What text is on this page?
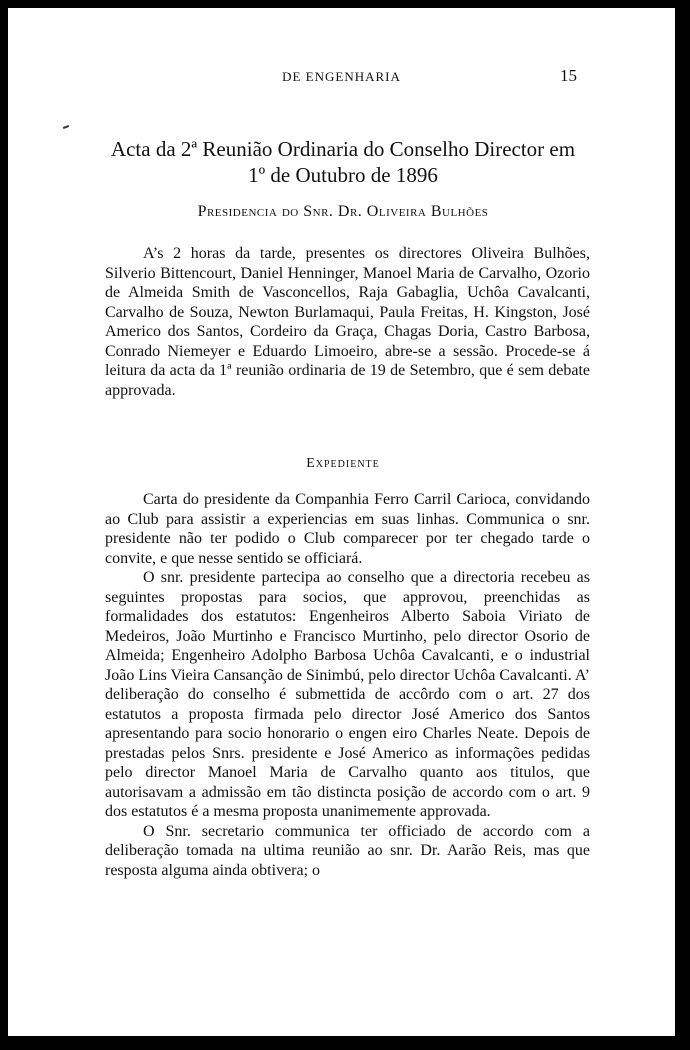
DE ENGENHARIA	15
Acta da 2ª Reunião Ordinaria do Conselho Director em
1º de Outubro de 1896
Presidencia do Snr. Dr. Oliveira Bulhões

A’s 2 horas da tarde, presentes os directores Oliveira Bulhões, Silverio Bittencourt, Daniel Henninger, Manoel Maria de Carvalho, Ozorio de Almeida Smith de Vasconcellos, Raja Gabaglia, Uchôa Cavalcanti, Carvalho de Souza, Newton Burlamaqui, Paula Freitas, H. Kingston, José Americo dos Santos, Cordeiro da Graça, Chagas Doria, Castro Barbosa, Conrado Niemeyer e Eduardo Limoeiro, abre-se a sessão. Procede-se á leitura da acta da 1ª reunião ordinaria de 19 de Setembro, que é sem debate approvada.

Expediente

Carta do presidente da Companhia Ferro Carril Carioca, convidando ao Club para assistir a experiencias em suas linhas. Communica o snr. presidente não ter podido o Club comparecer por ter chegado tarde o convite, e que nesse sentido se officiará.

O snr. presidente partecipa ao conselho que a directoria recebeu as seguintes propostas para socios, que approvou, preenchidas as formalidades dos estatutos: Engenheiros Alberto Saboia Viriato de Medeiros, João Murtinho e Francisco Murtinho, pelo director Osorio de Almeida; Engenheiro Adolpho Barbosa Uchôa Cavalcanti, e o industrial João Lins Vieira Cansanção de Sinimbú, pelo director Uchôa Cavalcanti. A’ deliberação do conselho é submettida de accôrdo com o art. 27 dos estatutos a proposta firmada pelo director José Americo dos Santos apresentando para socio honorario o engen eiro Charles Neate. Depois de prestadas pelos Snrs. presidente e José Americo as informações pedidas pelo director Manoel Maria de Carvalho quanto aos titulos, que autorisavam a admissão em tão distincta posição de accordo com o art. 9 dos estatutos é a mesma proposta unanimemente approvada.

O Snr. secretario communica ter officiado de accordo com a deliberação tomada na ultima reunião ao snr. Dr. Aarão Reis, mas que resposta alguma ainda obtivera; o
